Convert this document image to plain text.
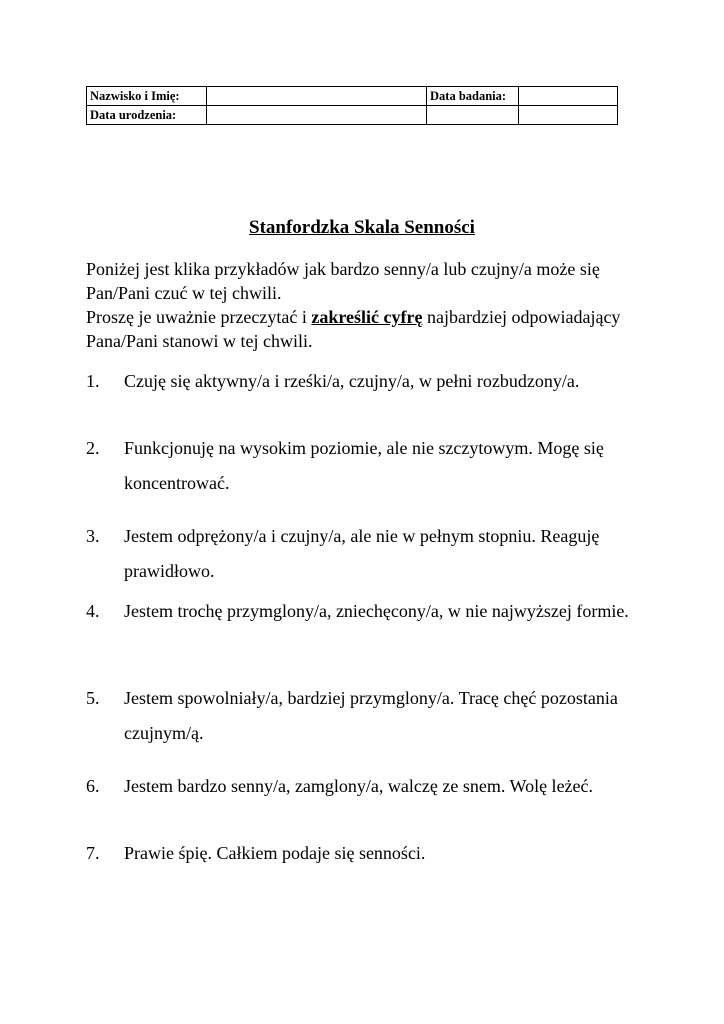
Nazwisko i Imię:		Data badania:	
Data urodzenia:			
Stanfordzka Skala Senności

Poniżej jest klika przykładów jak bardzo senny/a lub czujny/a może się Pan/Pani czuć w tej chwili.

Proszę je uważnie przeczytać i zakreślić cyfrę najbardziej odpowiadający Pana/Pani stanowi w tej chwili.

1.	Czuję się aktywny/a i rześki/a, czujny/a, w pełni rozbudzony/a.
2.	Funkcjonuję na wysokim poziomie, ale nie szczytowym. Mogę się koncentrować.
3.	Jestem odprężony/a i czujny/a, ale nie w pełnym stopniu. Reaguję prawidłowo.
4.	Jestem trochę przymglony/a, zniechęcony/a, w nie najwyższej formie.
5.	Jestem spowolniały/a, bardziej przymglony/a. Tracę chęć pozostania czujnym/ą.
6.	Jestem bardzo senny/a, zamglony/a, walczę ze snem. Wolę leżeć.
7.	Prawie śpię. Całkiem podaje się senności.
